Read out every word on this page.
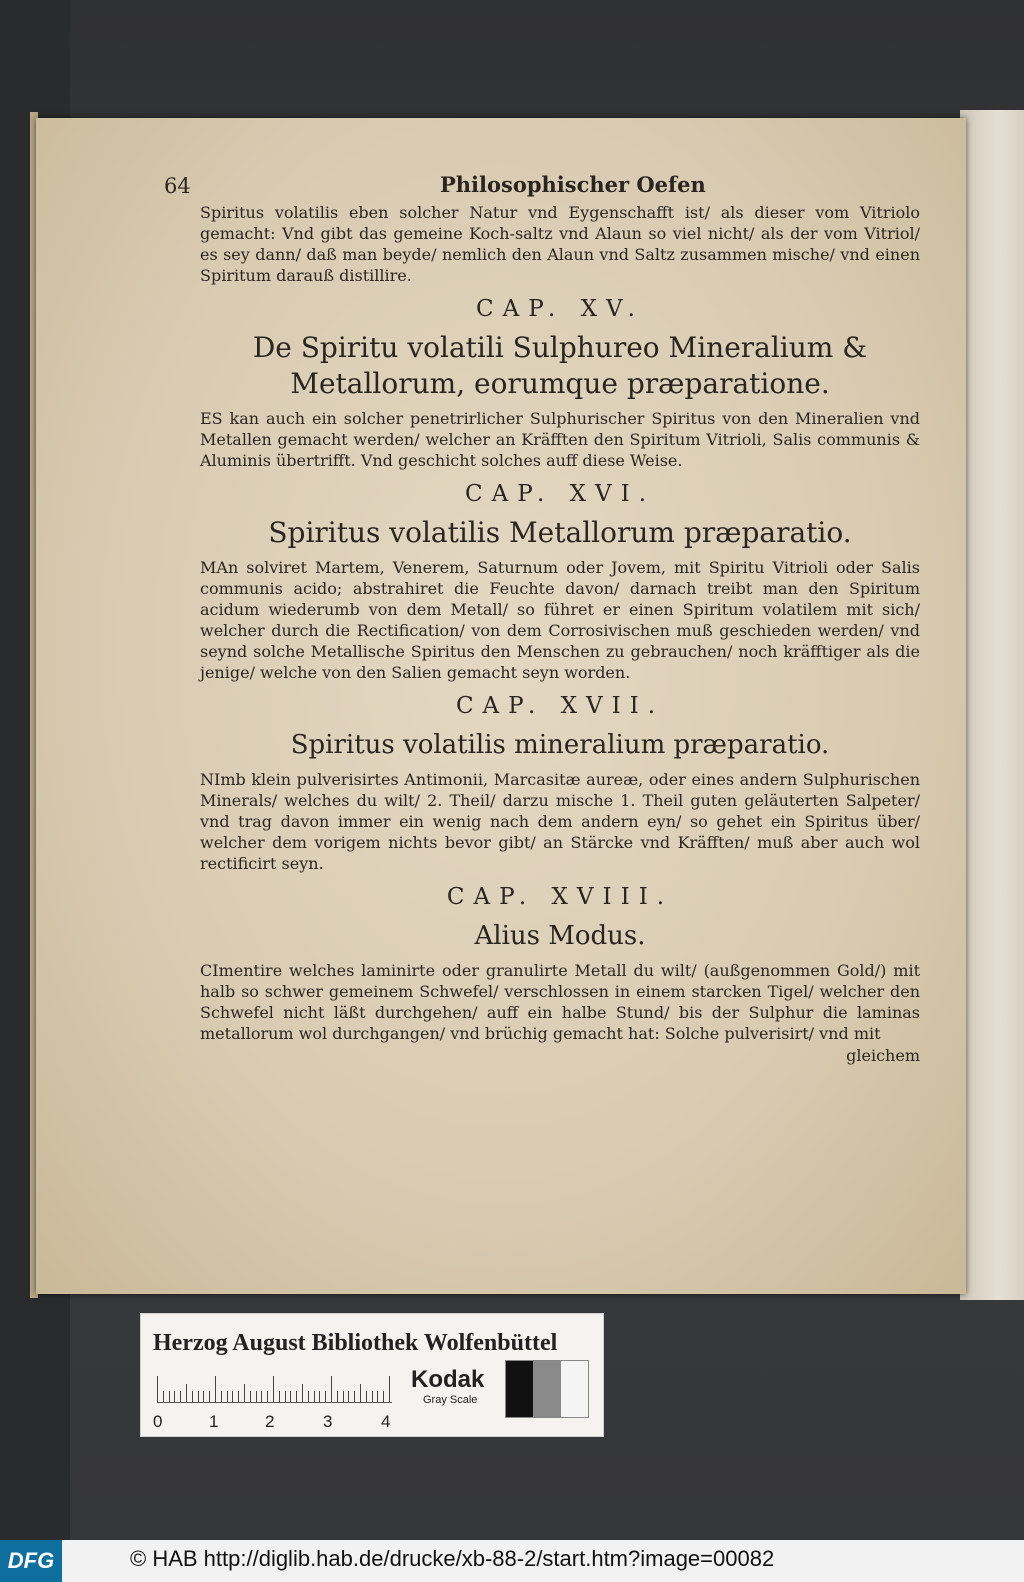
64	Philosophischer Oefen

Spiritus volatilis eben solcher Natur vnd Eygenschafft ist/ als dieser vom Vitriolo gemacht: Vnd gibt das gemeine Koch-saltz vnd Alaun so viel nicht/ als der vom Vitriol/ es sey dann/ daß man beyde/ nemlich den Alaun vnd Saltz zusammen mische/ vnd einen Spiritum darauß distillire.

CAP. XV.
De Spiritu volatili Sulphureo Mineralium & Metallorum, eorumque præparatione.

ES kan auch ein solcher penetrirlicher Sulphurischer Spiritus von den Mineralien vnd Metallen gemacht werden/ welcher an Kräfften den Spiritum Vitrioli, Salis communis & Aluminis übertrifft. Vnd geschicht solches auff diese Weise.

CAP. XVI.
Spiritus volatilis Metallorum præparatio.

MAn solviret Martem, Venerem, Saturnum oder Jovem, mit Spiritu Vitrioli oder Salis communis acido; abstrahiret die Feuchte davon/ darnach treibt man den Spiritum acidum wiederumb von dem Metall/ so führet er einen Spiritum volatilem mit sich/ welcher durch die Rectification/ von dem Corrosivischen muß geschieden werden/ vnd seynd solche Metallische Spiritus den Menschen zu gebrauchen/ noch kräfftiger als die jenige/ welche von den Salien gemacht seyn worden.

CAP. XVII.
Spiritus volatilis mineralium præparatio.

NImb klein pulverisirtes Antimonii, Marcasitæ aureæ, oder eines andern Sulphurischen Minerals/ welches du wilt/ 2. Theil/ darzu mische 1. Theil guten geläuterten Salpeter/ vnd trag davon immer ein wenig nach dem andern eyn/ so gehet ein Spiritus über/ welcher dem vorigem nichts bevor gibt/ an Stärcke vnd Kräfften/ muß aber auch wol rectificirt seyn.

CAP. XVIII.
Alius Modus.

CImentire welches laminirte oder granulirte Metall du wilt/ (außgenommen Gold/) mit halb so schwer gemeinem Schwefel/ verschlossen in einem starcken Tigel/ welcher den Schwefel nicht läßt durchgehen/ auff ein halbe Stund/ bis der Sulphur die laminas metallorum wol durchgangen/ vnd brüchig gemacht hat: Solche pulverisirt/ vnd mit

gleichem
Herzog August Bibliothek Wolfenbüttel
0	1	2	3	4
Kodak
Gray Scale
DFG	© HAB http://diglib.hab.de/drucke/xb-88-2/start.htm?image=00082
